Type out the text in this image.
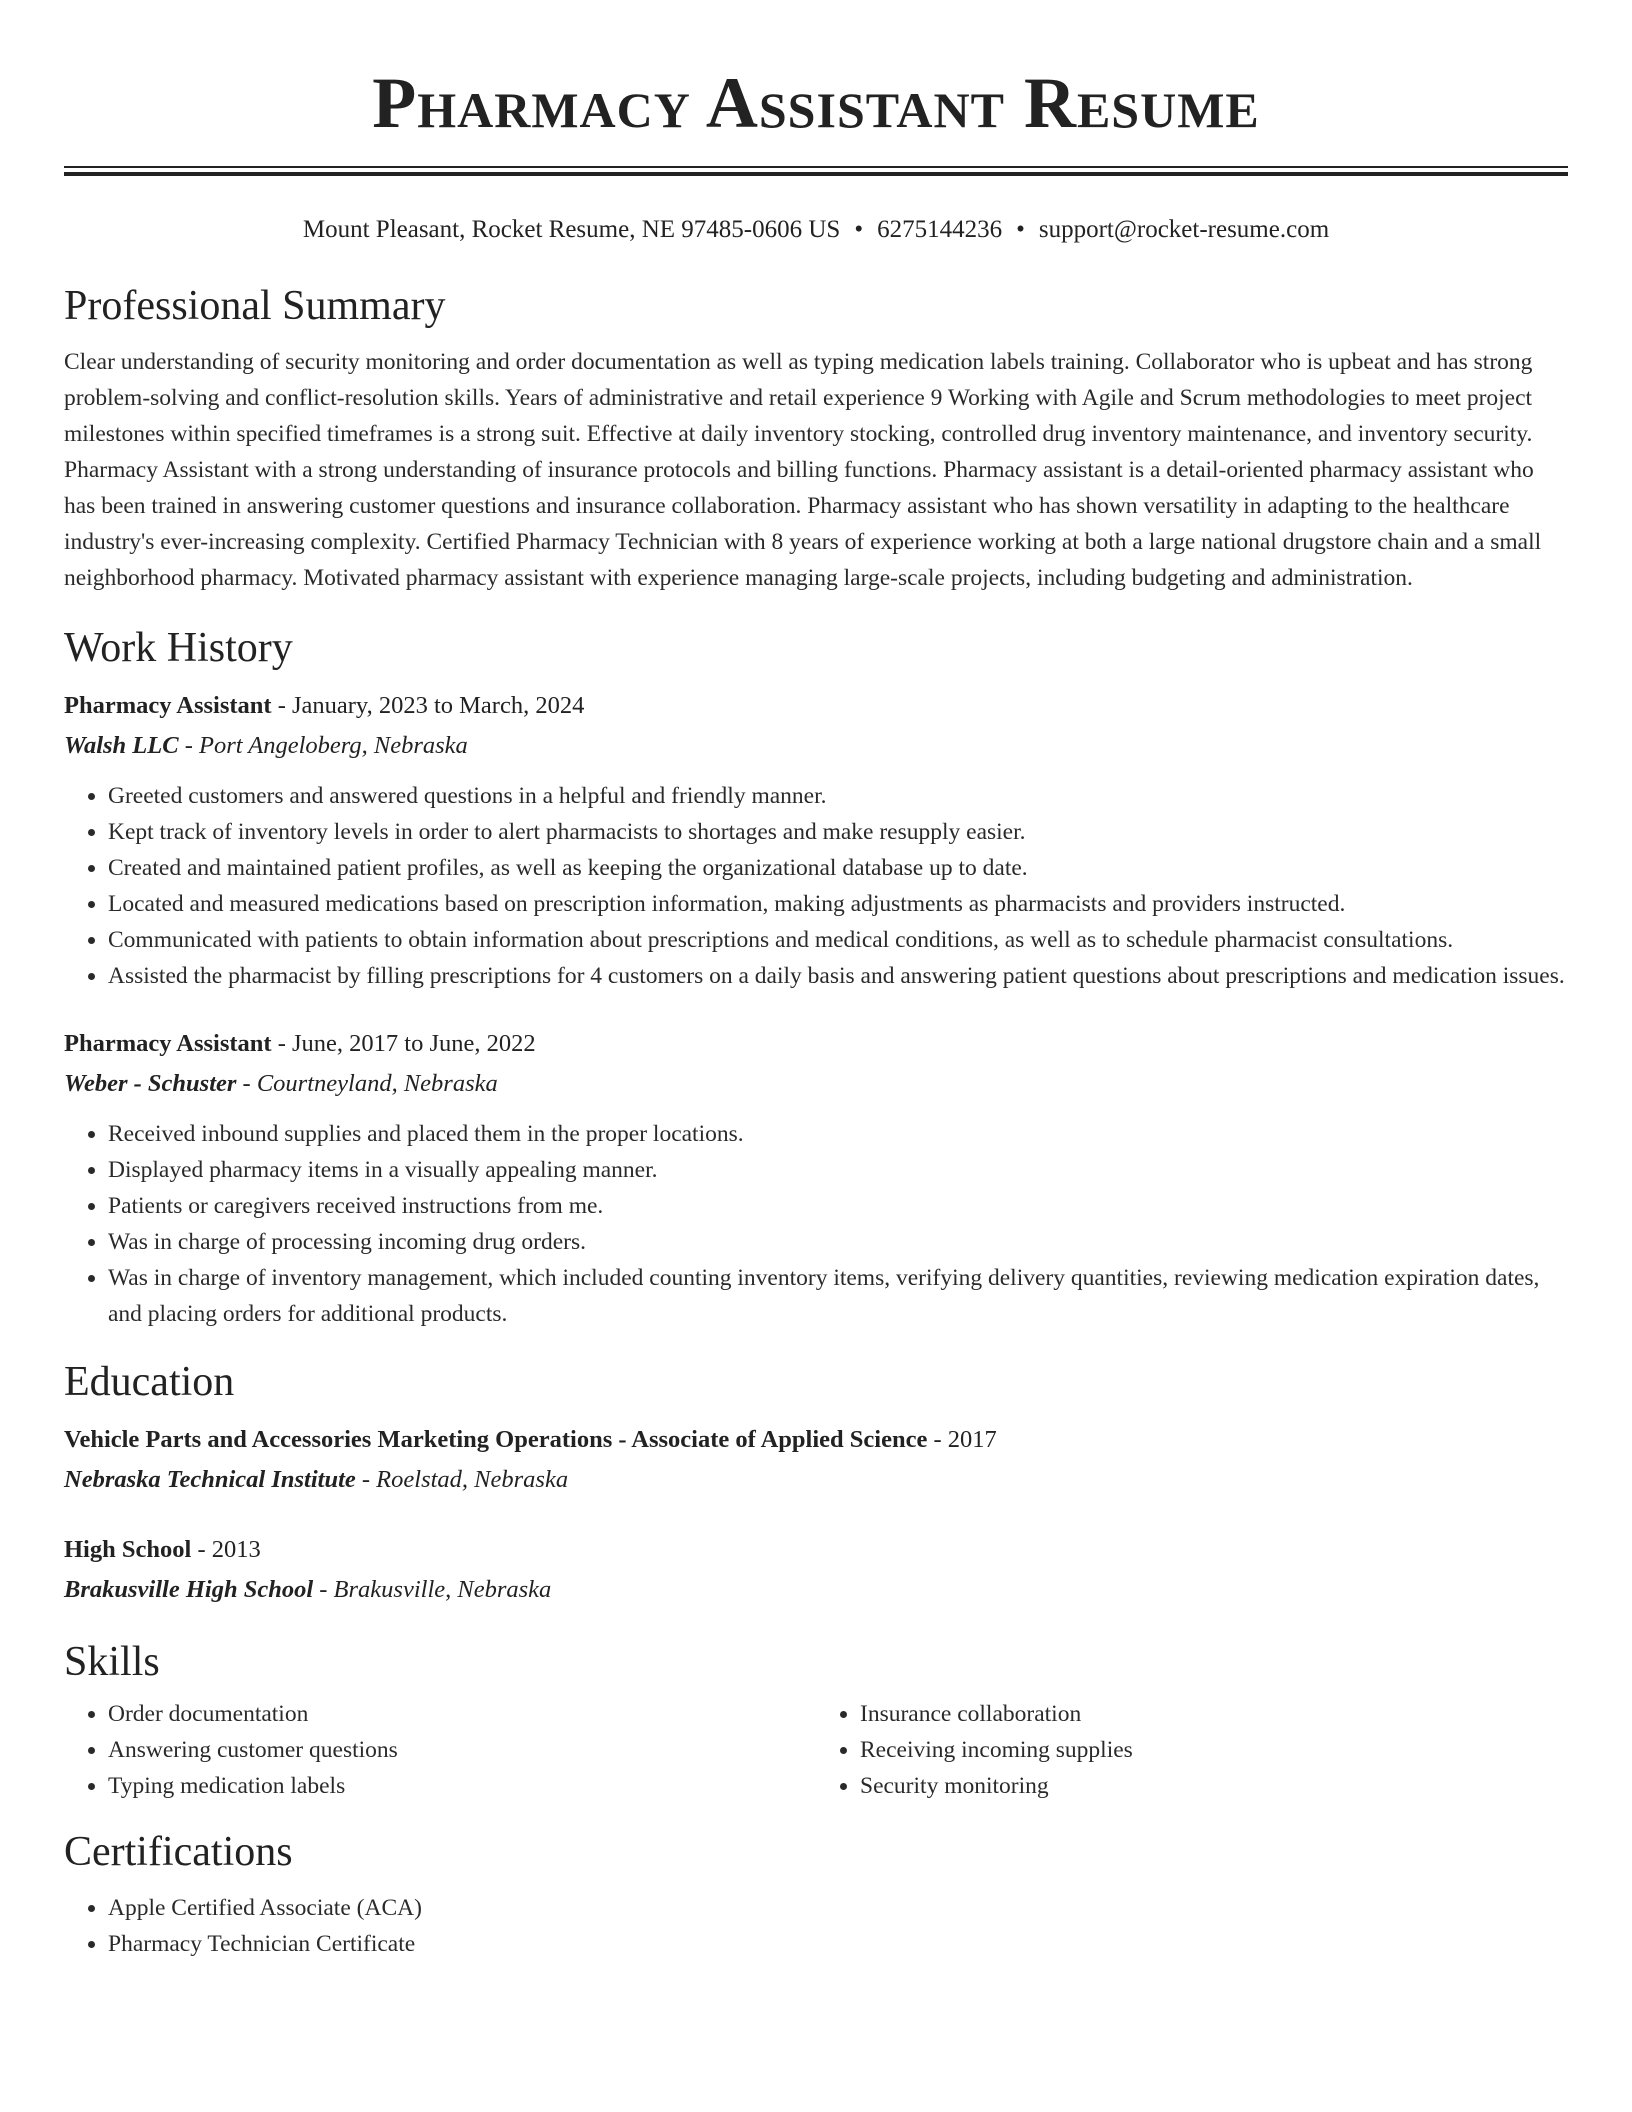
Pharmacy Assistant Resume
Mount Pleasant, Rocket Resume, NE 97485-0606 US • 6275144236 • support@rocket-resume.com
Professional Summary

Clear understanding of security monitoring and order documentation as well as typing medication labels training. Collaborator who is upbeat and has strong problem-solving and conflict-resolution skills. Years of administrative and retail experience 9 Working with Agile and Scrum methodologies to meet project milestones within specified timeframes is a strong suit. Effective at daily inventory stocking, controlled drug inventory maintenance, and inventory security. Pharmacy Assistant with a strong understanding of insurance protocols and billing functions. Pharmacy assistant is a detail-oriented pharmacy assistant who has been trained in answering customer questions and insurance collaboration. Pharmacy assistant who has shown versatility in adapting to the healthcare industry's ever-increasing complexity. Certified Pharmacy Technician with 8 years of experience working at both a large national drugstore chain and a small neighborhood pharmacy. Motivated pharmacy assistant with experience managing large-scale projects, including budgeting and administration.

Work History
Pharmacy Assistant - January, 2023 to March, 2024
Walsh LLC - Port Angeloberg, Nebraska
• Greeted customers and answered questions in a helpful and friendly manner.
• Kept track of inventory levels in order to alert pharmacists to shortages and make resupply easier.
• Created and maintained patient profiles, as well as keeping the organizational database up to date.
• Located and measured medications based on prescription information, making adjustments as pharmacists and providers instructed.
• Communicated with patients to obtain information about prescriptions and medical conditions, as well as to schedule pharmacist consultations.
• Assisted the pharmacist by filling prescriptions for 4 customers on a daily basis and answering patient questions about prescriptions and medication issues.
Pharmacy Assistant - June, 2017 to June, 2022
Weber - Schuster - Courtneyland, Nebraska
• Received inbound supplies and placed them in the proper locations.
• Displayed pharmacy items in a visually appealing manner.
• Patients or caregivers received instructions from me.
• Was in charge of processing incoming drug orders.
• Was in charge of inventory management, which included counting inventory items, verifying delivery quantities, reviewing medication expiration dates, and placing orders for additional products.
Education
Vehicle Parts and Accessories Marketing Operations - Associate of Applied Science - 2017
Nebraska Technical Institute - Roelstad, Nebraska
High School - 2013
Brakusville High School - Brakusville, Nebraska
Skills
• Order documentation
• Answering customer questions
• Typing medication labels
• Insurance collaboration
• Receiving incoming supplies
• Security monitoring
Certifications
• Apple Certified Associate (ACA)
• Pharmacy Technician Certificate
